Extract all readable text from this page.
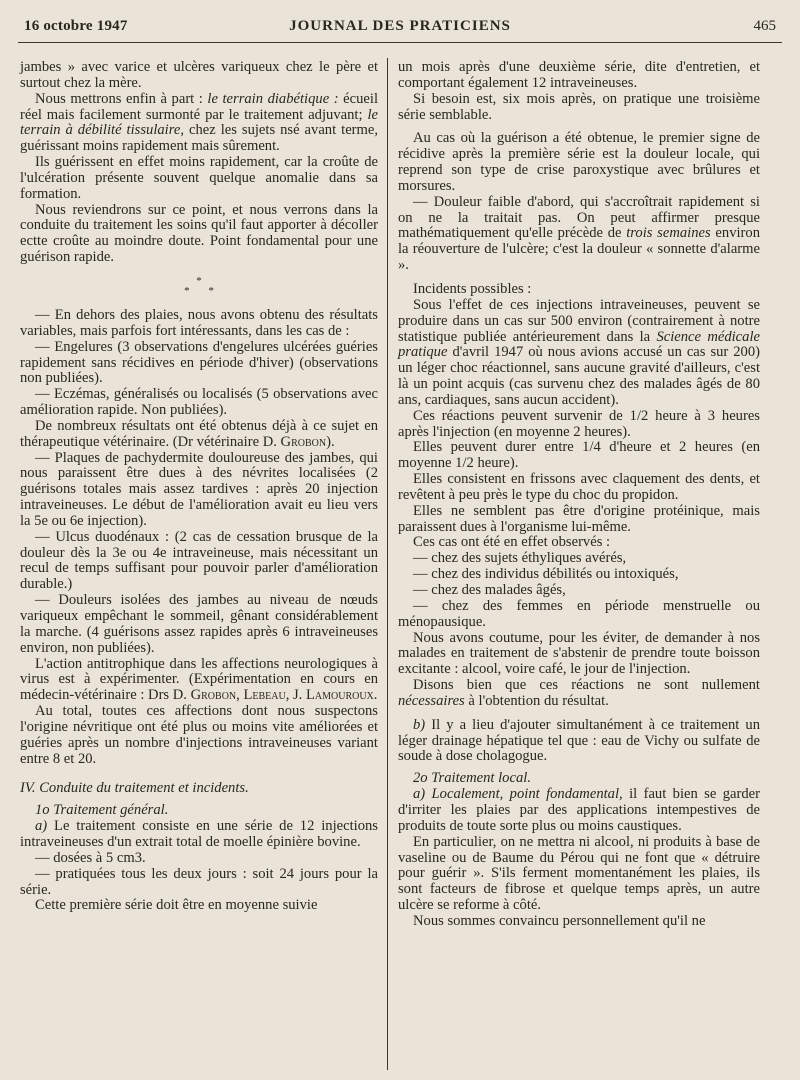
16 octobre 1947	JOURNAL DES PRATICIENS	465

jambes » avec varice et ulcères variqueux chez le père et surtout chez la mère.

Nous mettrons enfin à part : le terrain diabétique : écueil réel mais facilement surmonté par le traitement adjuvant; le terrain à débilité tissulaire, chez les sujets nsé avant terme, guérissant moins rapidement mais sûrement.

Ils guérissent en effet moins rapidement, car la croûte de l'ulcération présente souvent quelque anomalie dans sa formation.

Nous reviendrons sur ce point, et nous verrons dans la conduite du traitement les soins qu'il faut apporter à décoller ectte croûte au moindre doute. Point fondamental pour une guérison rapide.

*
* *

— En dehors des plaies, nous avons obtenu des résultats variables, mais parfois fort intéressants, dans les cas de :

— Engelures (3 observations d'engelures ulcérées guéries rapidement sans récidives en période d'hiver) (observations non publiées).

— Eczémas, généralisés ou localisés (5 observations avec amélioration rapide. Non publiées).

De nombreux résultats ont été obtenus déjà à ce sujet en thérapeutique vétérinaire. (Dr vétérinaire D. Grobon).

— Plaques de pachydermite douloureuse des jambes, qui nous paraissent être dues à des névrites localisées (2 guérisons totales mais assez tardives : après 20 injection intraveineuses. Le début de l'amélioration avait eu lieu vers la 5e ou 6e injection).

— Ulcus duodénaux : (2 cas de cessation brusque de la douleur dès la 3e ou 4e intraveineuse, mais nécessitant un recul de temps suffisant pour pouvoir parler d'amélioration durable.)

— Douleurs isolées des jambes au niveau de nœuds variqueux empêchant le sommeil, gênant considérablement la marche. (4 guérisons assez rapides après 6 intraveineuses environ, non publiées).

L'action antitrophique dans les affections neurologiques à virus est à expérimenter. (Expérimentation en cours en médecin-vétérinaire : Drs D. Grobon, Lebeau, J. Lamouroux.

Au total, toutes ces affections dont nous suspectons l'origine névritique ont été plus ou moins vite améliorées et guéries après un nombre d'injections intraveineuses variant entre 8 et 20.

IV. Conduite du traitement et incidents.
1o Traitement général.

a) Le traitement consiste en une série de 12 injections intraveineuses d'un extrait total de moelle épinière bovine.

— dosées à 5 cm3.

— pratiquées tous les deux jours : soit 24 jours pour la série.

Cette première série doit être en moyenne suivie

un mois après d'une deuxième série, dite d'entretien, et comportant également 12 intraveineuses.

Si besoin est, six mois après, on pratique une troisième série semblable.

Au cas où la guérison a été obtenue, le premier signe de récidive après la première série est la douleur locale, qui reprend son type de crise paroxystique avec brûlures et morsures.

— Douleur faible d'abord, qui s'accroîtrait rapidement si on ne la traitait pas. On peut affirmer presque mathématiquement qu'elle précède de trois semaines environ la réouverture de l'ulcère; c'est la douleur « sonnette d'alarme ».

Incidents possibles :

Sous l'effet de ces injections intraveineuses, peuvent se produire dans un cas sur 500 environ (contrairement à notre statistique publiée antérieurement dans la Science médicale pratique d'avril 1947 où nous avions accusé un cas sur 200) un léger choc réactionnel, sans aucune gravité d'ailleurs, c'est là un point acquis (cas survenu chez des malades âgés de 80 ans, cardiaques, sans aucun accident).

Ces réactions peuvent survenir de 1/2 heure à 3 heures après l'injection (en moyenne 2 heures).

Elles peuvent durer entre 1/4 d'heure et 2 heures (en moyenne 1/2 heure).

Elles consistent en frissons avec claquement des dents, et revêtent à peu près le type du choc du propidon.

Elles ne semblent pas être d'origine protéinique, mais paraissent dues à l'organisme lui-même.

Ces cas ont été en effet observés :

— chez des sujets éthyliques avérés,

— chez des individus débilités ou intoxiqués,

— chez des malades âgés,

— chez des femmes en période menstruelle ou ménopausique.

Nous avons coutume, pour les éviter, de demander à nos malades en traitement de s'abstenir de prendre toute boisson excitante : alcool, voire café, le jour de l'injection.

Disons bien que ces réactions ne sont nullement nécessaires à l'obtention du résultat.

b) Il y a lieu d'ajouter simultanément à ce traitement un léger drainage hépatique tel que : eau de Vichy ou sulfate de soude à dose cholagogue.

2o Traitement local.

a) Localement, point fondamental, il faut bien se garder d'irriter les plaies par des applications intempestives de produits de toute sorte plus ou moins caustiques.

En particulier, on ne mettra ni alcool, ni produits à base de vaseline ou de Baume du Pérou qui ne font que « détruire pour guérir ». S'ils ferment momentanément les plaies, ils sont facteurs de fibrose et quelque temps après, un autre ulcère se reforme à côté.

Nous sommes convaincu personnellement qu'il ne
